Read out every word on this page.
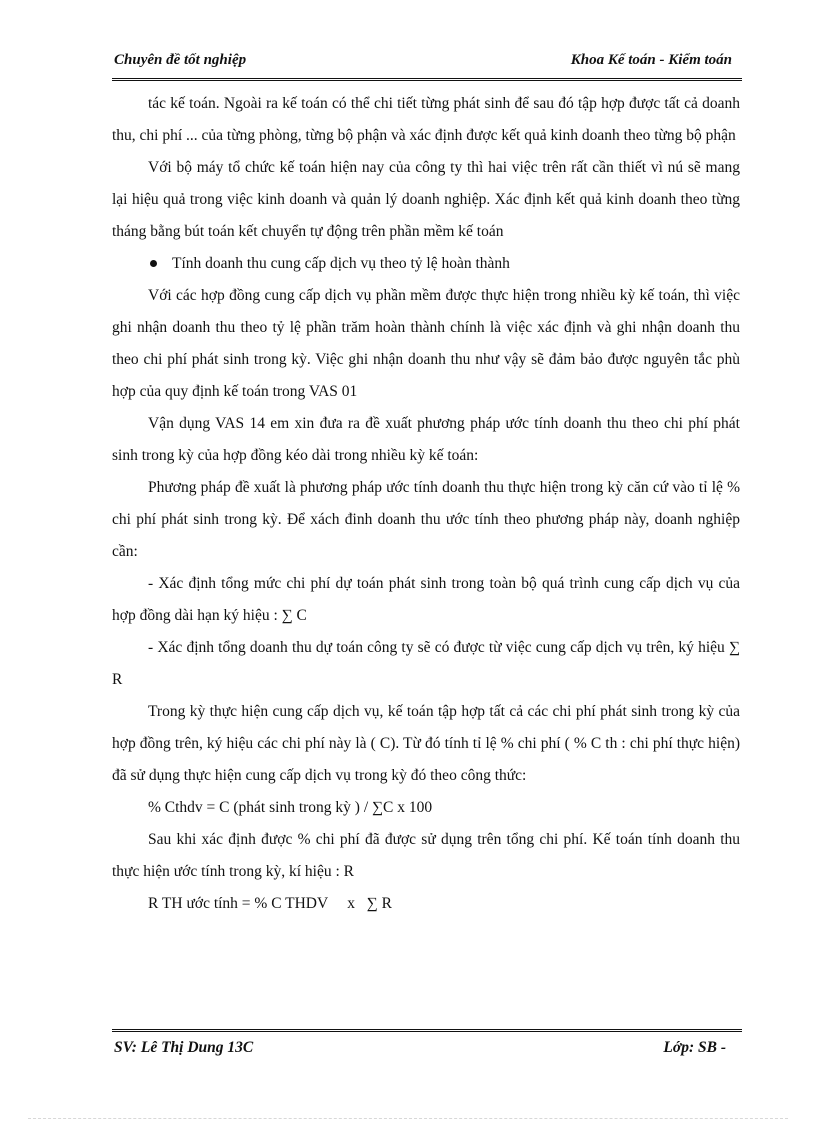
Chuyên đề tốt nghiệp	Khoa Kế toán - Kiểm toán

tác kế toán. Ngoài ra kế toán có thể chi tiết từng phát sinh để sau đó tập hợp được tất cả doanh thu, chi phí ... của từng phòng, từng bộ phận và xác định được kết quả kinh doanh theo từng bộ phận

Với bộ máy tổ chức kế toán hiện nay của công ty thì hai việc trên rất cần thiết vì nú sẽ mang lại hiệu quả trong việc kinh doanh và quản lý doanh nghiệp. Xác định kết quả kinh doanh theo từng tháng bằng bút toán kết chuyển tự động trên phần mềm kế toán

Tính doanh thu cung cấp dịch vụ theo tỷ lệ hoàn thành

Với các hợp đồng cung cấp dịch vụ phần mềm được thực hiện trong nhiều kỳ kế toán, thì việc ghi nhận doanh thu theo tỷ lệ phần trăm hoàn thành chính là việc xác định và ghi nhận doanh thu theo chi phí phát sinh trong kỳ. Việc ghi nhận doanh thu như vậy sẽ đảm bảo được nguyên tắc phù hợp của quy định kế toán trong VAS 01

Vận dụng VAS 14 em xin đưa ra đề xuất phương pháp ước tính doanh thu theo chi phí phát sinh trong kỳ của hợp đồng kéo dài trong nhiều kỳ kế toán:

Phương pháp đề xuất là phương pháp ước tính doanh thu thực hiện trong kỳ căn cứ vào tỉ lệ % chi phí phát sinh trong kỳ. Để xách đinh doanh thu ước tính theo phương pháp này, doanh nghiệp cần:

- Xác định tổng mức chi phí dự toán phát sinh trong toàn bộ quá trình cung cấp dịch vụ của hợp đồng dài hạn ký hiệu : ∑ C

- Xác định tổng doanh thu dự toán công ty sẽ có được từ việc cung cấp dịch vụ trên, ký hiệu ∑ R

Trong kỳ thực hiện cung cấp dịch vụ, kế toán tập hợp tất cả các chi phí phát sinh trong kỳ của hợp đồng trên, ký hiệu các chi phí này là ( C). Từ đó tính tỉ lệ % chi phí ( % C th : chi phí thực hiện) đã sử dụng thực hiện cung cấp dịch vụ trong kỳ đó theo công thức:

% Cthdv = C (phát sinh trong kỳ ) / ∑C x 100

Sau khi xác định được % chi phí đã được sử dụng trên tổng chi phí. Kế toán tính doanh thu thực hiện ước tính trong kỳ, kí hiệu : R

R TH ước tính = % C THDV     x   ∑ R

SV: Lê Thị Dung 13C	Lớp: SB -
